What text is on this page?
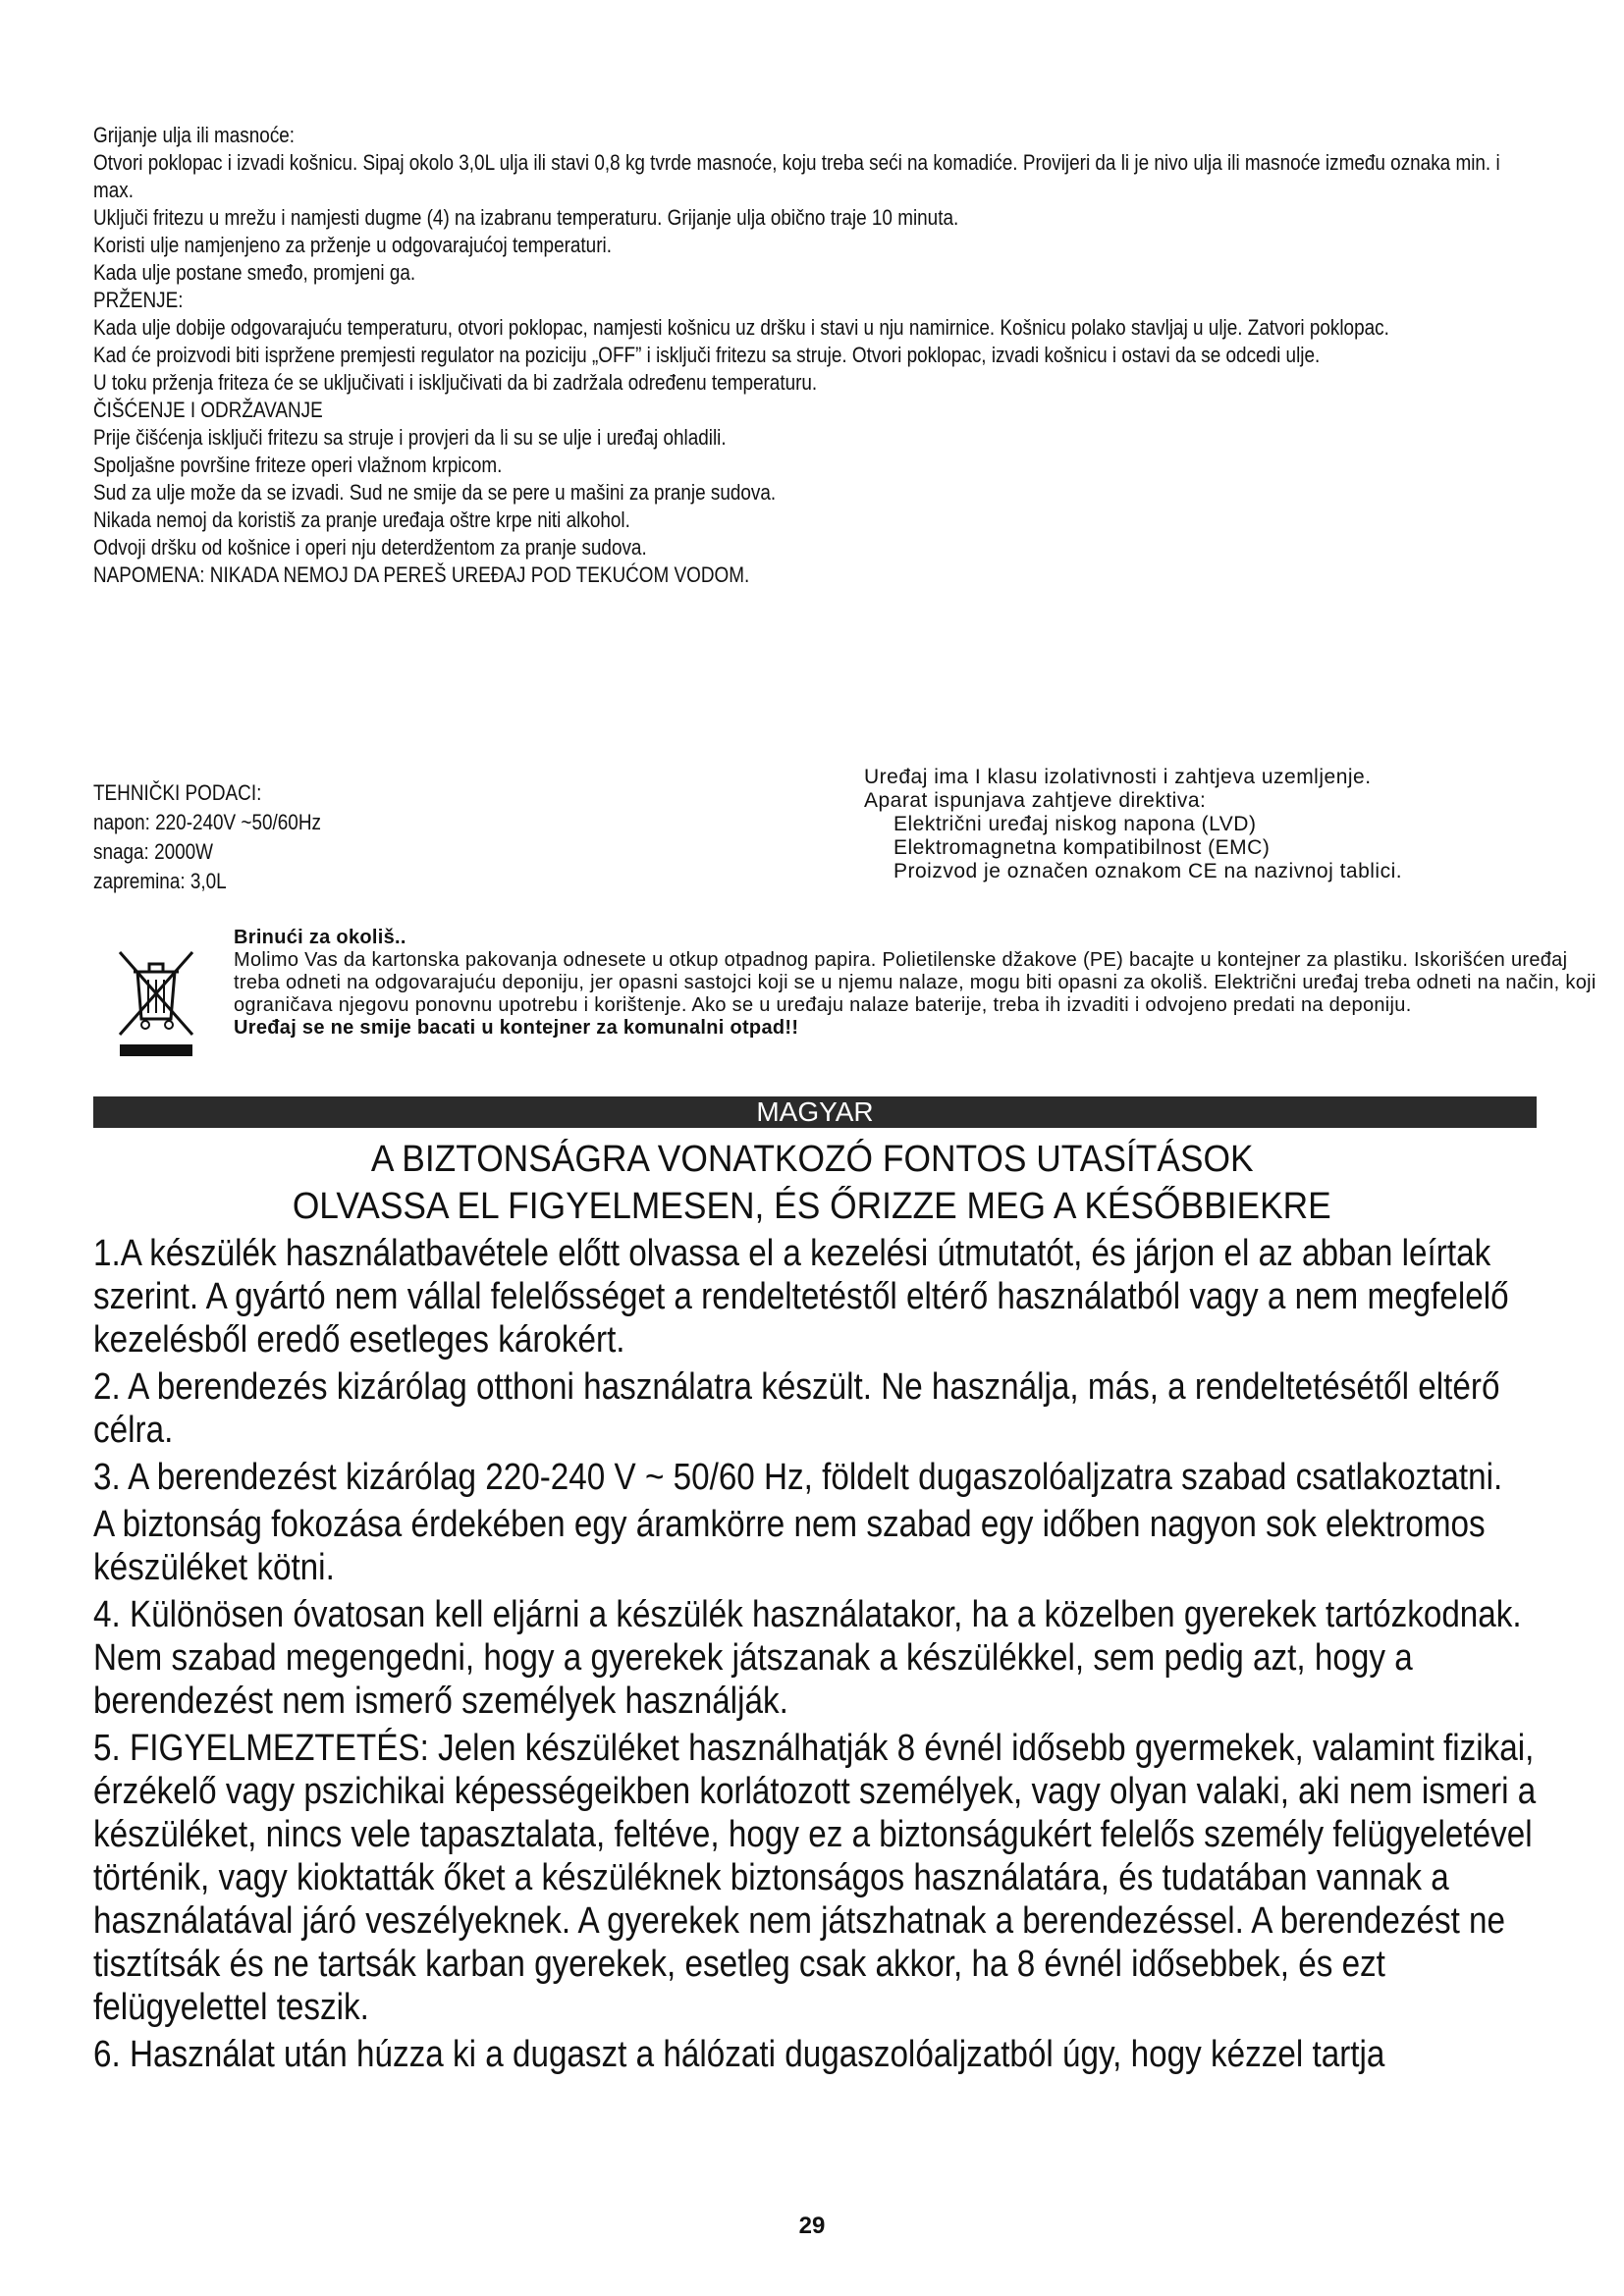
Grijanje ulja ili masnoće:

Otvori poklopac i izvadi košnicu. Sipaj okolo 3,0L ulja ili stavi 0,8 kg tvrde masnoće, koju treba seći na komadiće. Provijeri da li je nivo ulja ili masnoće između oznaka min. i max.

Uključi fritezu u mrežu i namjesti dugme (4) na izabranu temperaturu. Grijanje ulja obično traje 10 minuta.

Koristi ulje namjenjeno za prženje u odgovarajućoj temperaturi.

Kada ulje postane smeđo, promjeni ga.

PRŽENJE:

Kada ulje dobije odgovarajuću temperaturu, otvori poklopac, namjesti košnicu uz dršku i stavi u nju namirnice. Košnicu polako stavljaj u ulje. Zatvori poklopac.

Kad će proizvodi biti ispržene premjesti regulator na poziciju „OFF” i isključi fritezu sa struje. Otvori poklopac, izvadi košnicu i ostavi da se odcedi ulje.

U toku prženja friteza će se uključivati i isključivati da bi zadržala određenu temperaturu.

ČIŠĆENJE I ODRŽAVANJE

Prije čišćenja isključi fritezu sa struje i provjeri da li su se ulje i uređaj ohladili.

Spoljašne površine friteze operi vlažnom krpicom.

Sud za ulje može da se izvadi. Sud ne smije da se pere u mašini za pranje sudova.

Nikada nemoj da koristiš za pranje uređaja oštre krpe niti alkohol.

Odvoji dršku od košnice i operi nju deterdžentom za pranje sudova.

NAPOMENA: NIKADA NEMOJ DA PEREŠ UREĐAJ POD TEKUĆOM VODOM.

TEHNIČKI PODACI:

napon: 220-240V ~50/60Hz

snaga: 2000W

zapremina: 3,0L

Uređaj ima I klasu izolativnosti i zahtjeva uzemljenje.

Aparat ispunjava zahtjeve direktiva:

Električni uređaj niskog napona (LVD)

Elektromagnetna kompatibilnost (EMC)

Proizvod je označen oznakom CE na nazivnoj tablici.

Brinući za okoliš..

Molimo Vas da kartonska pakovanja odnesete u otkup otpadnog papira. Polietilenske džakove (PE) bacajte u kontejner za plastiku. Iskorišćen uređaj treba odneti na odgovarajuću deponiju, jer opasni sastojci koji se u njemu nalaze, mogu biti opasni za okoliš. Električni uređaj treba odneti na način, koji ograničava njegovu ponovnu upotrebu i korištenje. Ako se u uređaju nalaze baterije, treba ih izvaditi i odvojeno predati na deponiju.

Uređaj se ne smije bacati u kontejner za komunalni otpad!!

MAGYAR
A BIZTONSÁGRA VONATKOZÓ FONTOS UTASÍTÁSOK
OLVASSA EL FIGYELMESEN, ÉS ŐRIZZE MEG A KÉSŐBBIEKRE

1.A készülék használatbavétele előtt olvassa el a kezelési útmutatót, és járjon el az abban leírtak szerint. A gyártó nem vállal felelősséget a rendeltetéstől eltérő használatból vagy a nem megfelelő kezelésből eredő esetleges károkért.

2. A berendezés kizárólag otthoni használatra készült. Ne használja, más, a rendeltetésétől eltérő célra.

3. A berendezést kizárólag 220-240 V ~ 50/60 Hz, földelt dugaszolóaljzatra szabad csatlakoztatni.

A biztonság fokozása érdekében egy áramkörre nem szabad egy időben nagyon sok elektromos készüléket kötni.

4. Különösen óvatosan kell eljárni a készülék használatakor, ha a közelben gyerekek tartózkodnak. Nem szabad megengedni, hogy a gyerekek játszanak a készülékkel, sem pedig azt, hogy a berendezést nem ismerő személyek használják.

5. FIGYELMEZTETÉS: Jelen készüléket használhatják 8 évnél idősebb gyermekek, valamint fizikai, érzékelő vagy pszichikai képességeikben korlátozott személyek, vagy olyan valaki, aki nem ismeri a készüléket, nincs vele tapasztalata, feltéve, hogy ez a biztonságukért felelős személy felügyeletével történik, vagy kioktatták őket a készüléknek biztonságos használatára, és tudatában vannak a használatával járó veszélyeknek. A gyerekek nem játszhatnak a berendezéssel. A berendezést ne tisztítsák és ne tartsák karban gyerekek, esetleg csak akkor, ha 8 évnél idősebbek, és ezt felügyelettel teszik.

6. Használat után húzza ki a dugaszt a hálózati dugaszolóaljzatból úgy, hogy kézzel tartja

29
